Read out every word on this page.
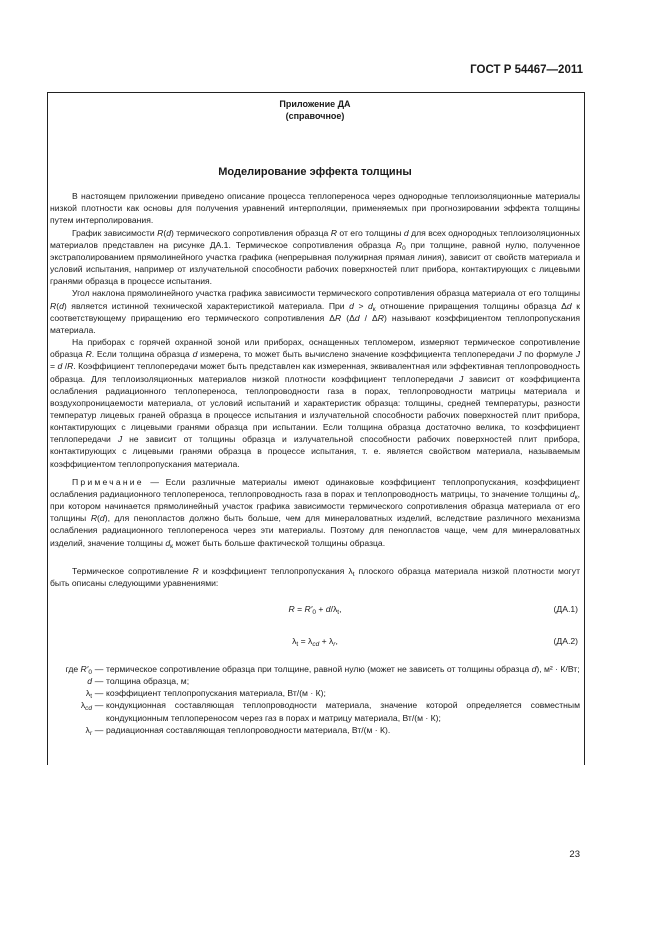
ГОСТ Р 54467—2011
Приложение ДА
(справочное)
Моделирование эффекта толщины

В настоящем приложении приведено описание процесса теплопереноса через однородные теплоизоляционные материалы низкой плотности как основы для получения уравнений интерполяции, применяемых при прогнозировании эффекта толщины путем интерполирования.

График зависимости R(d) термического сопротивления образца R от его толщины d для всех однородных теплоизоляционных материалов представлен на рисунке ДА.1. Термическое сопротивления образца $R_0$ при толщине, равной нулю, полученное экстраполированием прямолинейного участка графика (непрерывная полужирная прямая линия), зависит от свойств материала и условий испытания, например от излучательной способности рабочих поверхностей плит прибора, контактирующих с лицевыми гранями образца в процессе испытания.

Угол наклона прямолинейного участка графика зависимости термического сопротивления образца материала от его толщины R(d) является истинной технической характеристикой материала. При $d > d_к$ отношение приращения толщины образца Δd к соответствующему приращению его термического сопротивления ΔR (Δd / ΔR) называют коэффициентом теплопропускания материала.

На приборах с горячей охранной зоной или приборах, оснащенных тепломером, измеряют термическое сопротивление образца R. Если толщина образца d измерена, то может быть вычислено значение коэффициента теплопередачи J по формуле J = d /R. Коэффициент теплопередачи может быть представлен как измеренная, эквивалентная или эффективная теплопроводность образца. Для теплоизоляционных материалов низкой плотности коэффициент теплопередачи J зависит от коэффициента ослабления радиационного теплопереноса, теплопроводности газа в порах, теплопроводности матрицы материала и воздухопроницаемости материала, от условий испытаний и характеристик образца: толщины, средней температуры, разности температур лицевых граней образца в процессе испытания и излучательной способности рабочих поверхностей плит прибора, контактирующих с лицевыми гранями образца при испытании. Если толщина образца достаточно велика, то коэффициент теплопередачи J не зависит от толщины образца и излучательной способности рабочих поверхностей плит прибора, контактирующих с лицевыми гранями образца в процессе испытания, т. е. является свойством материала, называемым коэффициентом теплопропускания материала.

Примечание — Если различные материалы имеют одинаковые коэффициент теплопропускания, коэффициент ослабления радиационного теплопереноса, теплопроводность газа в порах и теплопроводность матрицы, то значение толщины $d_к$, при котором начинается прямолинейный участок графика зависимости термического сопротивления образца материала от его толщины R(d), для пенопластов должно быть больше, чем для минераловатных изделий, вследствие различного механизма ослабления радиационного теплопереноса через эти материалы. Поэтому для пенопластов чаще, чем для минераловатных изделий, значение толщины $d_к$ может быть больше фактической толщины образца.

Термическое сопротивление R и коэффициент теплопропускания $\lambda_t$ плоского образца материала низкой плотности могут быть описаны следующими уравнениями:

$R = R'_0 + d/\lambda_t$,	(ДА.1)
$\lambda_t = \lambda_{cd} + \lambda_r$,	(ДА.2)
где $R'_0$ — термическое сопротивление образца при толщине, равной нулю (может не зависеть от толщины образца d), м² · К/Вт;
d — толщина образца, м;
$\lambda_t$ — коэффициент теплопропускания материала, Вт/(м · К);
$\lambda_{cd}$ — кондукционная составляющая теплопроводности материала, значение которой определяется совместным кондукционным теплопереносом через газ в порах и матрицу материала, Вт/(м · К);
$\lambda_r$ — радиационная составляющая теплопроводности материала, Вт/(м · К).
23
